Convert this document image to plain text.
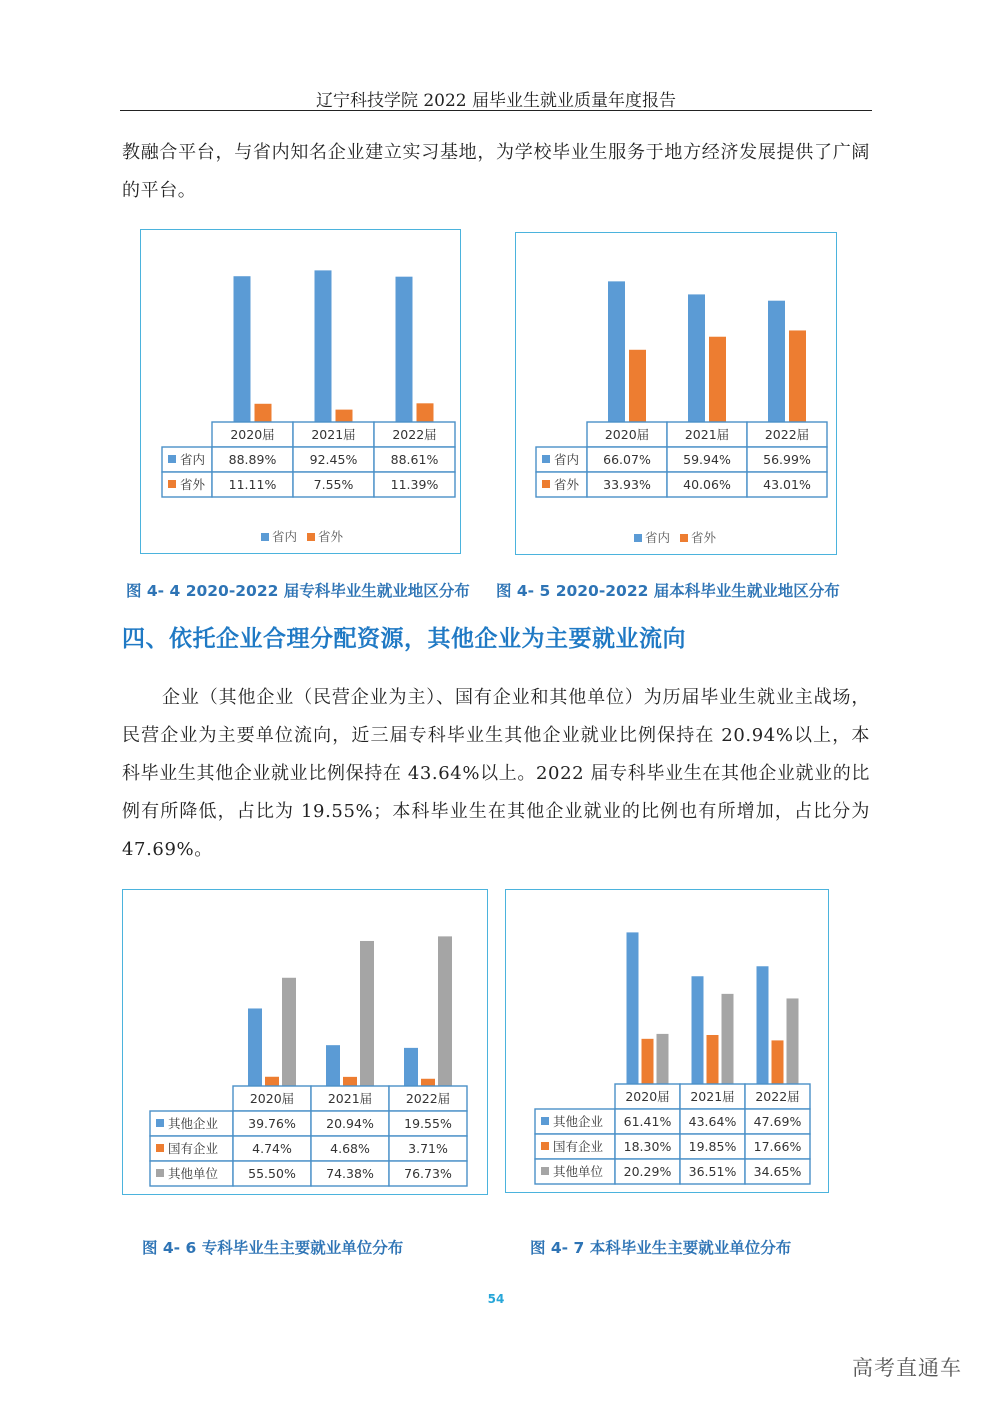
辽宁科技学院 2022 届毕业生就业质量年度报告
教融合平台，与省内知名企业建立实习基地，为学校毕业生服务于地方经济发展提供了广阔的平台。
2020届	2021届	2022届
省内 88.89%	92.45%	88.61%
省外 11.11%	7.55%	11.39%
省内 省外
2020届	2021届	2022届
省内 66.07%	59.94%	56.99%
省外 33.93%	40.06%	43.01%
省内 省外
图 4- 4 2020-2022 届专科毕业生就业地区分布 图 4- 5 2020-2022 届本科毕业生就业地区分布
四、依托企业合理分配资源，其他企业为主要就业流向
企业（其他企业（民营企业为主）、国有企业和其他单位）为历届毕业生就业主战场，民营企业为主要单位流向，近三届专科毕业生其他企业就业比例保持在 20.94%以上，本科毕业生其他企业就业比例保持在 43.64%以上。2022 届专科毕业生在其他企业就业的比例有所降低，占比为 19.55%；本科毕业生在其他企业就业的比例也有所增加，占比分为 47.69%。
2020届	2021届	2022届
其他企业 39.76% 20.94% 19.55%
国有企业	4.74%	4.68%	3.71%
其他单位 55.50% 74.38% 76.73%
2020届 2021届 2022届
其他企业 61.41% 43.64% 47.69%
国有企业 18.30% 19.85% 17.66%
其他单位 20.29% 36.51% 34.65%
图 4- 6 专科毕业生主要就业单位分布	图 4- 7 本科毕业生主要就业单位分布
54
高考直通车
